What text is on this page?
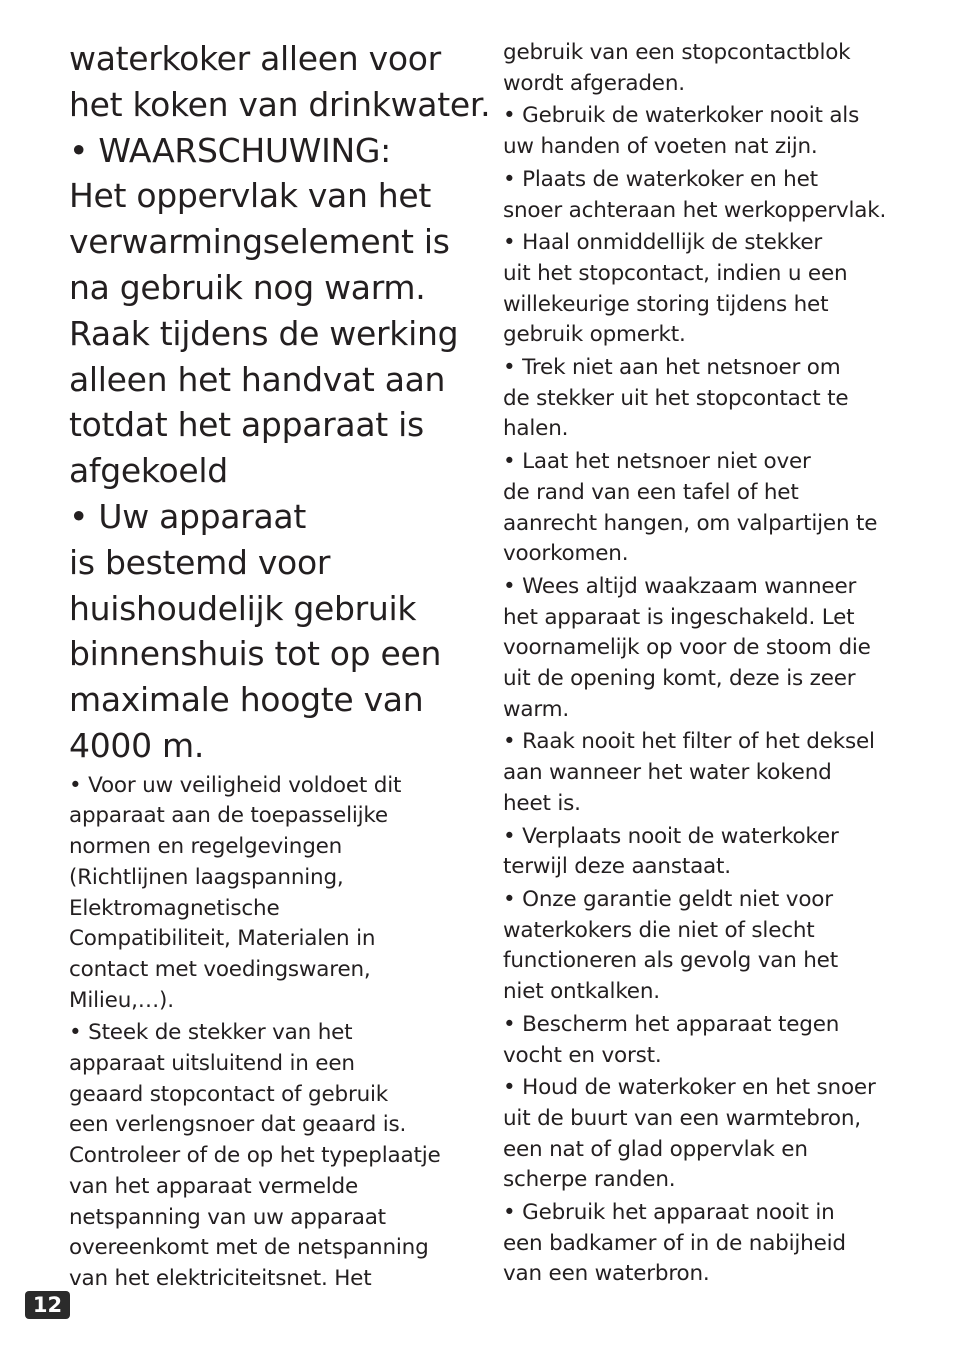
waterkoker alleen voor
het koken van drinkwater.
• WAARSCHUWING:
Het oppervlak van het
verwarmingselement is
na gebruik nog warm.
Raak tijdens de werking
alleen het handvat aan
totdat het apparaat is
afgekoeld
• Uw apparaat
is bestemd voor
huishoudelijk gebruik
binnenshuis tot op een
maximale hoogte van
4000 m.
• Voor uw veiligheid voldoet dit
apparaat aan de toepasselijke
normen en regelgevingen
(Richtlijnen laagspanning,
Elektromagnetische
Compatibiliteit, Materialen in
contact met voedingswaren,
Milieu,…).
• Steek de stekker van het
apparaat uitsluitend in een
geaard stopcontact of gebruik
een verlengsnoer dat geaard is.
Controleer of de op het typeplaatje
van het apparaat vermelde
netspanning van uw apparaat
overeenkomt met de netspanning
van het elektriciteitsnet. Het
gebruik van een stopcontactblok
wordt afgeraden.
• Gebruik de waterkoker nooit als
uw handen of voeten nat zijn.
• Plaats de waterkoker en het
snoer achteraan het werkoppervlak.
• Haal onmiddellijk de stekker
uit het stopcontact, indien u een
willekeurige storing tijdens het
gebruik opmerkt.
• Trek niet aan het netsnoer om
de stekker uit het stopcontact te
halen.
• Laat het netsnoer niet over
de rand van een tafel of het
aanrecht hangen, om valpartijen te
voorkomen.
• Wees altijd waakzaam wanneer
het apparaat is ingeschakeld. Let
voornamelijk op voor de stoom die
uit de opening komt, deze is zeer
warm.
• Raak nooit het filter of het deksel
aan wanneer het water kokend
heet is.
• Verplaats nooit de waterkoker
terwijl deze aanstaat.
• Onze garantie geldt niet voor
waterkokers die niet of slecht
functioneren als gevolg van het
niet ontkalken.
• Bescherm het apparaat tegen
vocht en vorst.
• Houd de waterkoker en het snoer
uit de buurt van een warmtebron,
een nat of glad oppervlak en
scherpe randen.
• Gebruik het apparaat nooit in
een badkamer of in de nabijheid
van een waterbron.
12
